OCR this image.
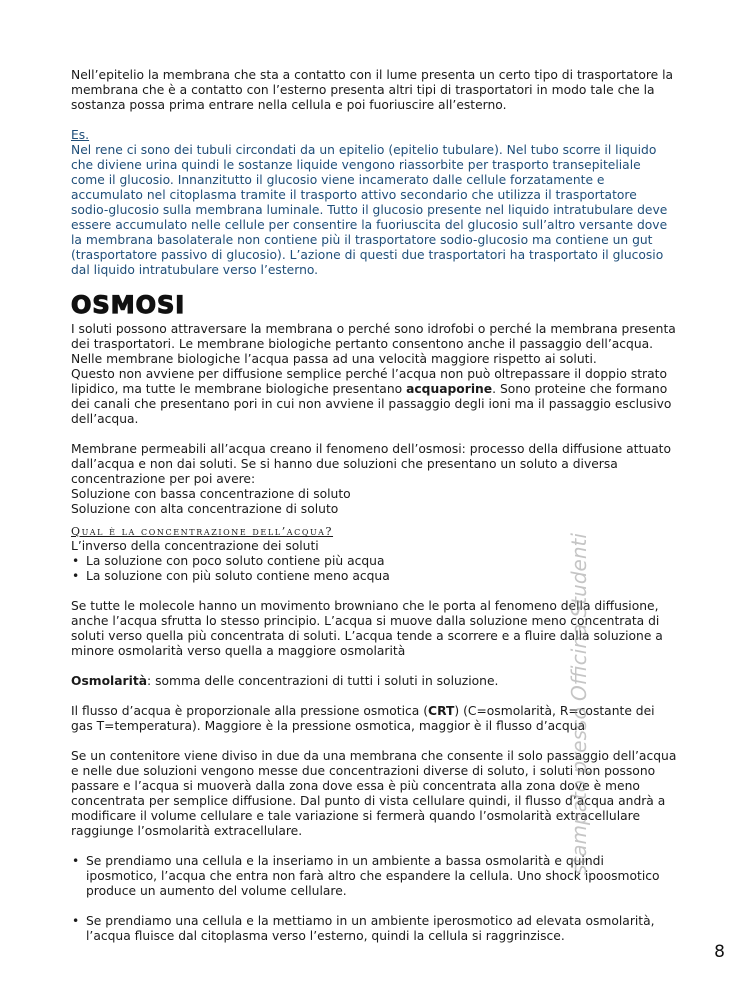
Nell’epitelio la membrana che sta a contatto con il lume presenta un certo tipo di trasportatore la membrana che è a contatto con l’esterno presenta altri tipi di trasportatori in modo tale che la sostanza possa prima entrare nella cellula e poi fuoriuscire all’esterno.

Es.

Nel rene ci sono dei tubuli circondati da un epitelio (epitelio tubulare). Nel tubo scorre il liquido che diviene urina quindi le sostanze liquide vengono riassorbite per trasporto transepiteliale come il glucosio. Innanzitutto il glucosio viene incamerato dalle cellule forzatamente e accumulato nel citoplasma tramite il trasporto attivo secondario che utilizza il trasportatore sodio-glucosio sulla membrana luminale. Tutto il glucosio presente nel liquido intratubulare deve essere accumulato nelle cellule per consentire la fuoriuscita del glucosio sull’altro versante dove la membrana basolaterale non contiene più il trasportatore sodio-glucosio ma contiene un gut (trasportatore passivo di glucosio). L’azione di questi due trasportatori ha trasportato il glucosio dal liquido intratubulare verso l’esterno.

OSMOSI

I soluti possono attraversare la membrana o perché sono idrofobi o perché la membrana presenta dei trasportatori. Le membrane biologiche pertanto consentono anche il passaggio dell’acqua.

Nelle membrane biologiche l’acqua passa ad una velocità maggiore rispetto ai soluti.

Questo non avviene per diffusione semplice perché l’acqua non può oltrepassare il doppio strato lipidico, ma tutte le membrane biologiche presentano acquaporine. Sono proteine che formano dei canali che presentano pori in cui non avviene il passaggio degli ioni ma il passaggio esclusivo dell’acqua.

Membrane permeabili all’acqua creano il fenomeno dell’osmosi: processo della diffusione attuato dall’acqua e non dai soluti. Se si hanno due soluzioni che presentano un soluto a diversa concentrazione per poi avere:

Soluzione con bassa concentrazione di soluto

Soluzione con alta concentrazione di soluto

Qual è la concentrazione dell’acqua?

L’inverso della concentrazione dei soluti

• La soluzione con poco soluto contiene più acqua
• La soluzione con più soluto contiene meno acqua

Se tutte le molecole hanno un movimento browniano che le porta al fenomeno della diffusione, anche l’acqua sfrutta lo stesso principio. L’acqua si muove dalla soluzione meno concentrata di soluti verso quella più concentrata di soluti. L’acqua tende a scorrere e a fluire dalla soluzione a minore osmolarità verso quella a maggiore osmolarità

Osmolarità: somma delle concentrazioni di tutti i soluti in soluzione.

Il flusso d’acqua è proporzionale alla pressione osmotica (CRT) (C=osmolarità, R=costante dei gas T=temperatura). Maggiore è la pressione osmotica, maggior è il flusso d’acqua

Se un contenitore viene diviso in due da una membrana che consente il solo passaggio dell’acqua e nelle due soluzioni vengono messe due concentrazioni diverse di soluto, i soluti non possono passare e l’acqua si muoverà dalla zona dove essa è più concentrata alla zona dove è meno concentrata per semplice diffusione. Dal punto di vista cellulare quindi, il flusso d’acqua andrà a modificare il volume cellulare e tale variazione si fermerà quando l’osmolarità extracellulare raggiunge l’osmolarità extracellulare.

• Se prendiamo una cellula e la inseriamo in un ambiente a bassa osmolarità e quindi iposmotico, l’acqua che entra non farà altro che espandere la cellula. Uno shock ipoosmotico produce un aumento del volume cellulare.
• Se prendiamo una cellula e la mettiamo in un ambiente iperosmotico ad elevata osmolarità, l’acqua fluisce dal citoplasma verso l’esterno, quindi la cellula si raggrinzisce.
stampato presso Officina Studenti
8
